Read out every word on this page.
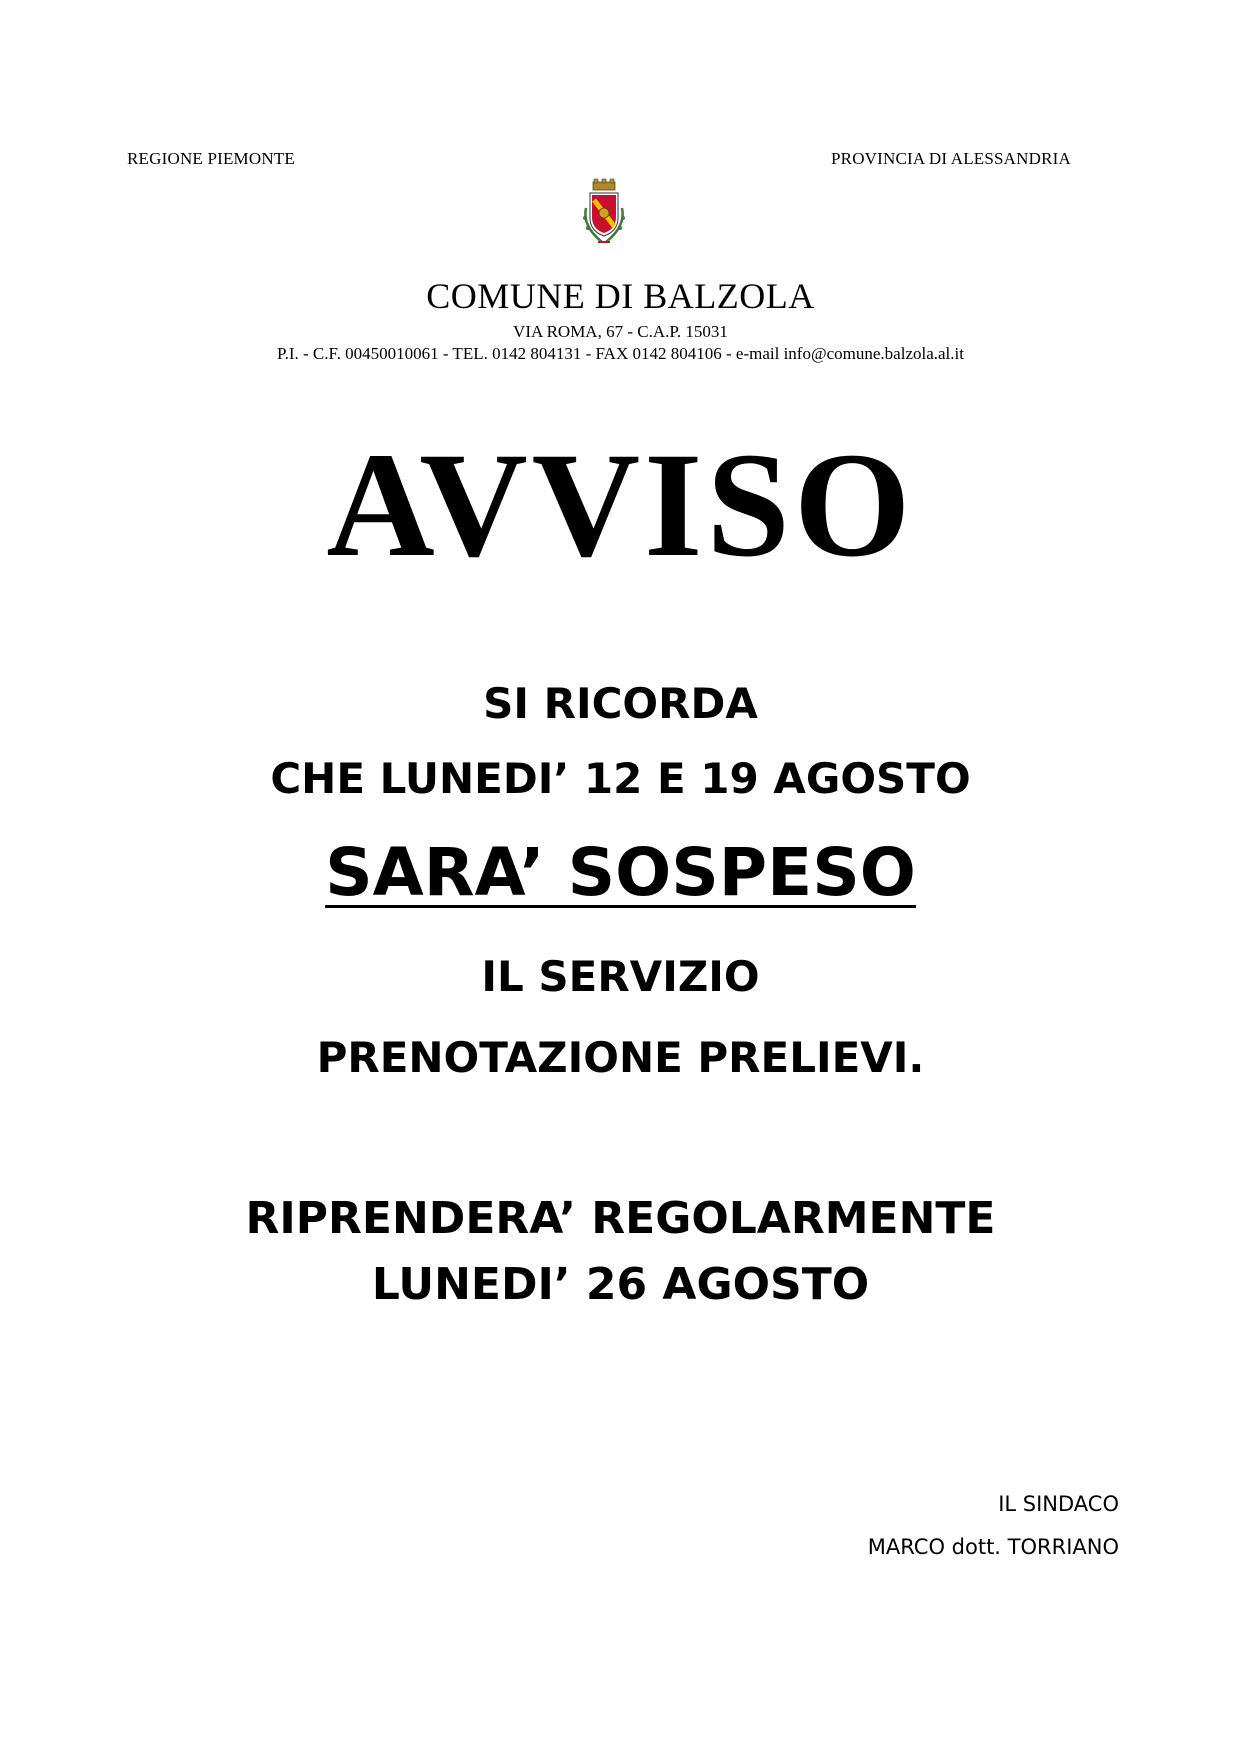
REGIONE PIEMONTE	PROVINCIA DI ALESSANDRIA
COMUNE DI BALZOLA
VIA ROMA, 67 - C.A.P. 15031
P.I. - C.F. 00450010061 - TEL. 0142 804131 - FAX 0142 804106 - e-mail info@comune.balzola.al.it
AVVISO
SI RICORDA
CHE LUNEDI’ 12 E 19 AGOSTO
SARA’ SOSPESO
IL SERVIZIO
PRENOTAZIONE PRELIEVI.
RIPRENDERA’ REGOLARMENTE
LUNEDI’ 26 AGOSTO
IL SINDACO
MARCO dott. TORRIANO
